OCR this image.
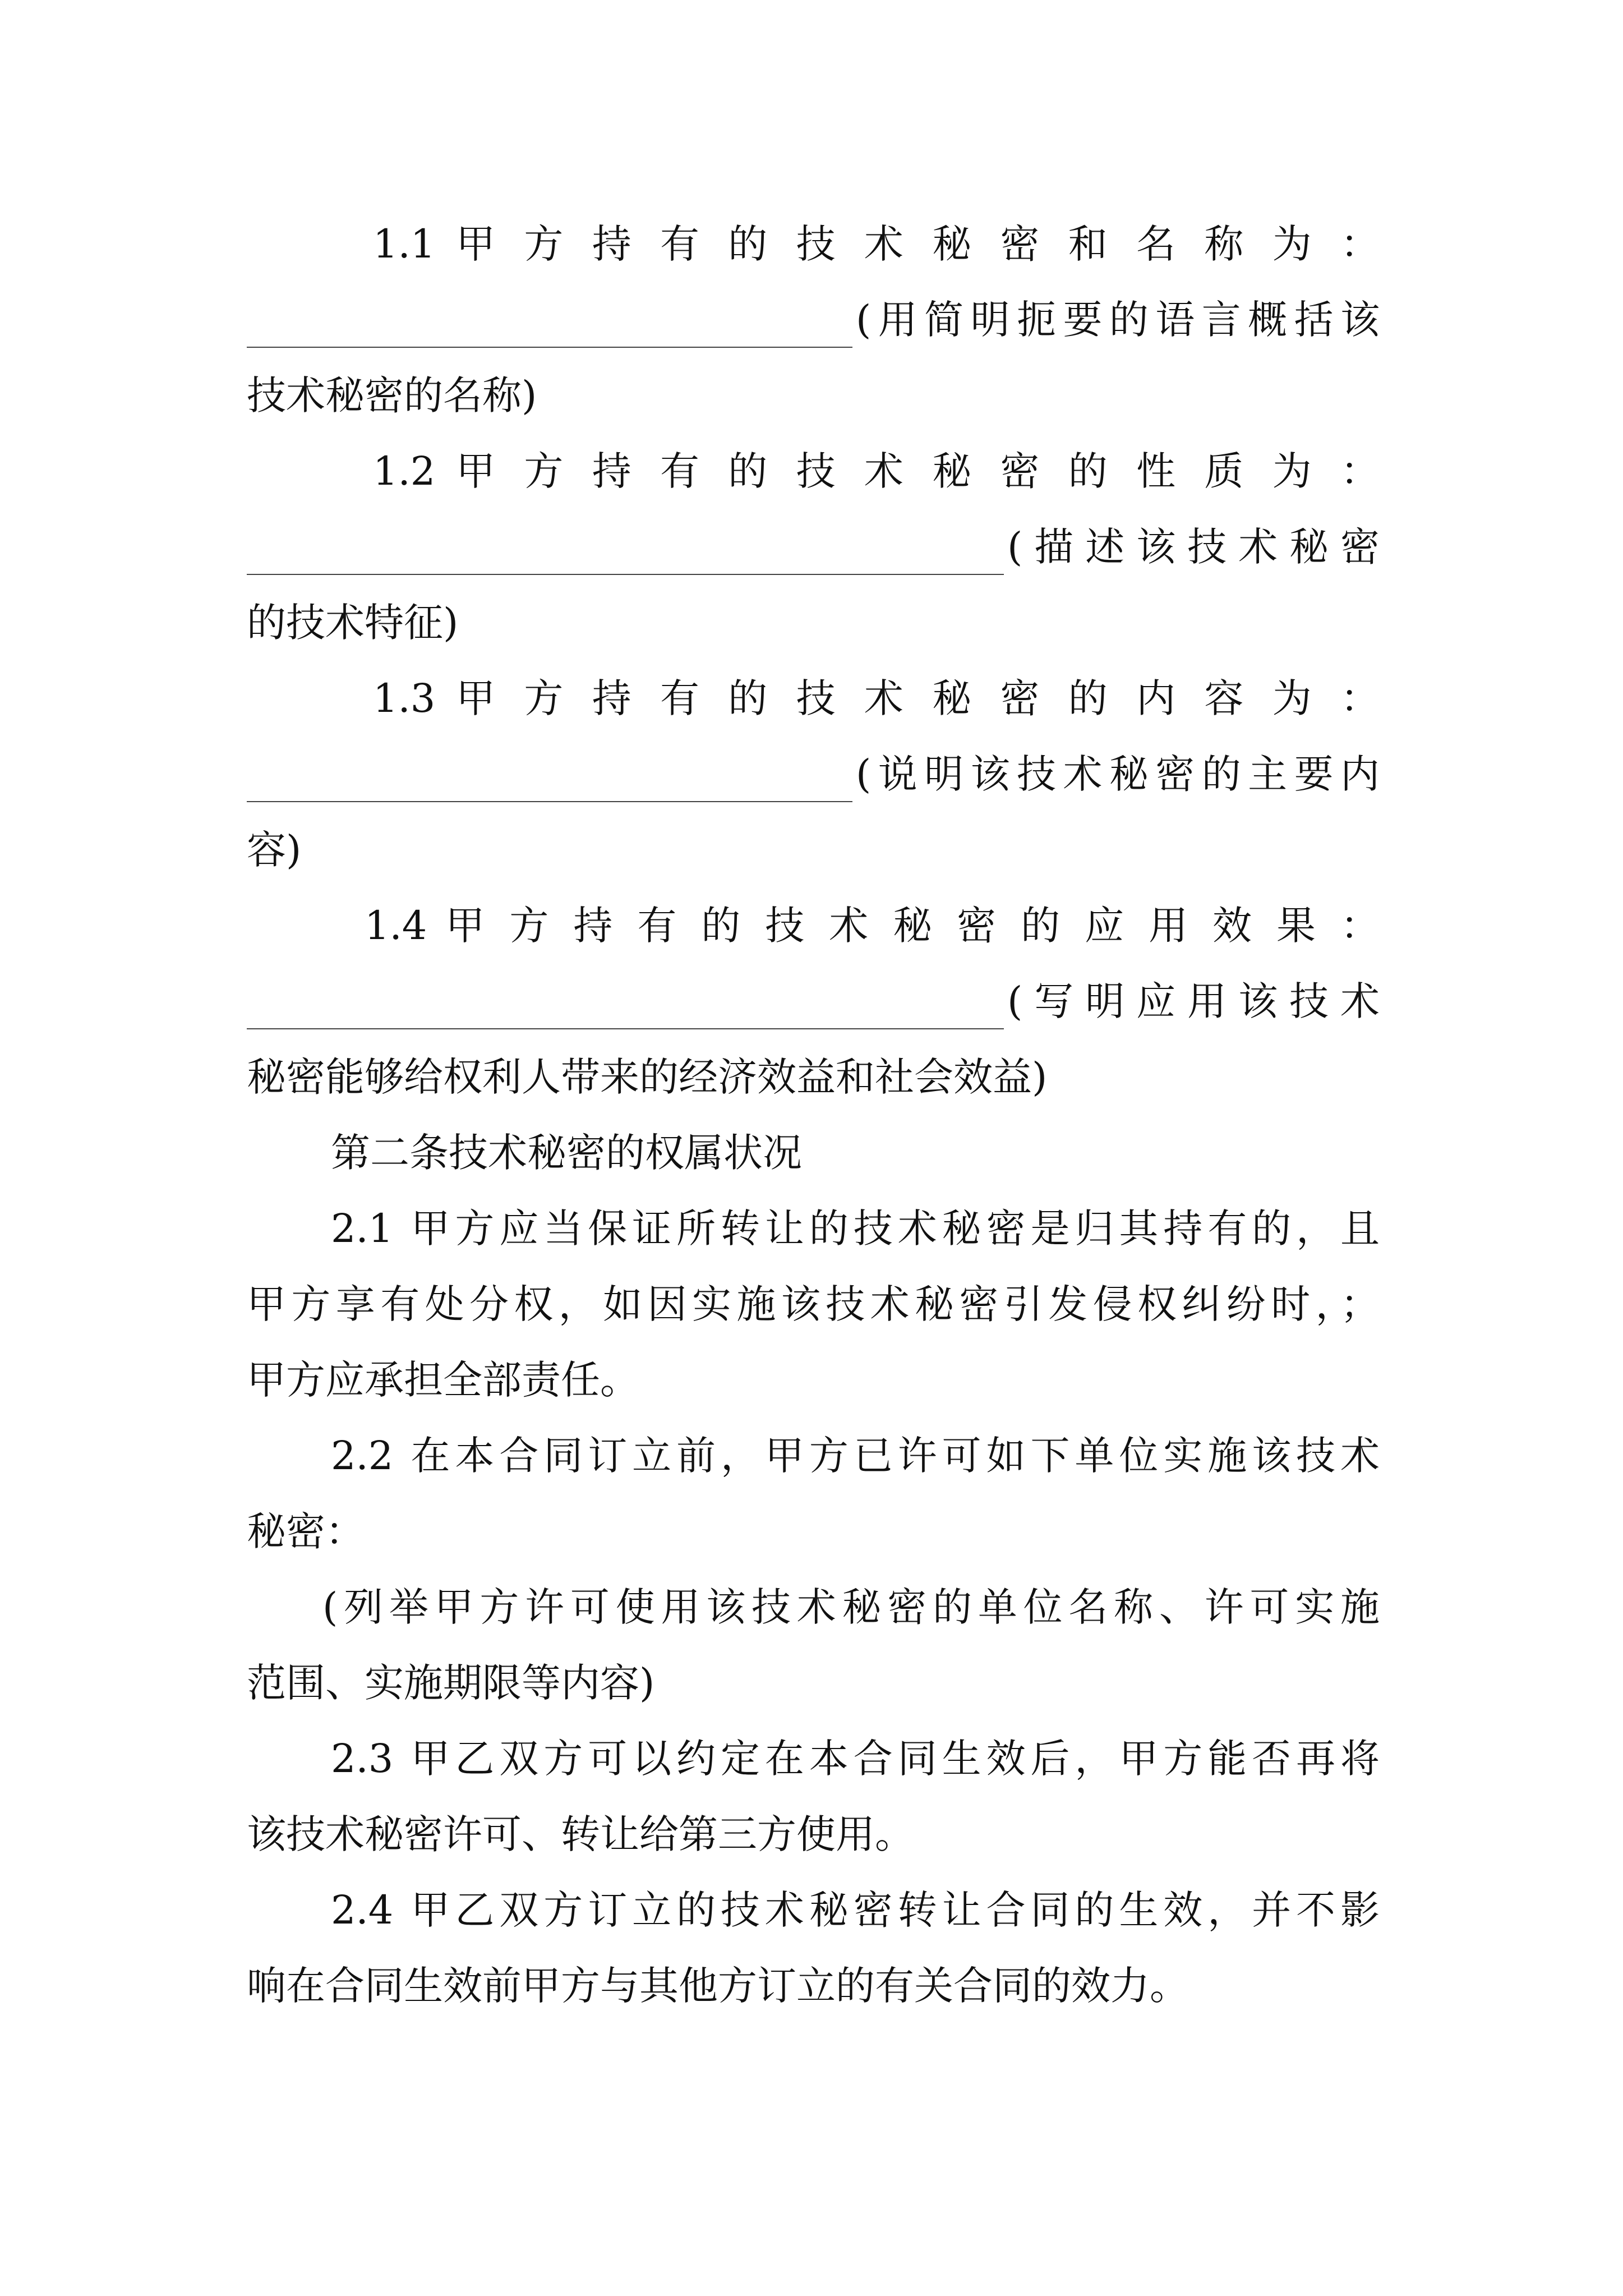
1.1 甲 方 持 有 的 技 术 秘 密 和 名 称 为 ：
(用简明扼要的语言概括该
技术秘密的名称)
1.2 甲 方 持 有 的 技 术 秘 密 的 性 质 为 ：
(描述该技术秘密
的技术特征)
1.3 甲 方 持 有 的 技 术 秘 密 的 内 容 为 ：
(说明该技术秘密的主要内
容)
1.4 甲 方 持 有 的 技 术 秘 密 的 应 用 效 果 ：
(写明应用该技术
秘密能够给权利人带来的经济效益和社会效益)
第二条技术秘密的权属状况
2.1 甲方应当保证所转让的技术秘密是归其持有的，且
甲方享有处分权，如因实施该技术秘密引发侵权纠纷时，；
甲方应承担全部责任。
2.2 在本合同订立前，甲方已许可如下单位实施该技术
秘密：
(列举甲方许可使用该技术秘密的单位名称、许可实施
范围、实施期限等内容)
2.3 甲乙双方可以约定在本合同生效后，甲方能否再将
该技术秘密许可、转让给第三方使用。
2.4 甲乙双方订立的技术秘密转让合同的生效，并不影
响在合同生效前甲方与其他方订立的有关合同的效力。
